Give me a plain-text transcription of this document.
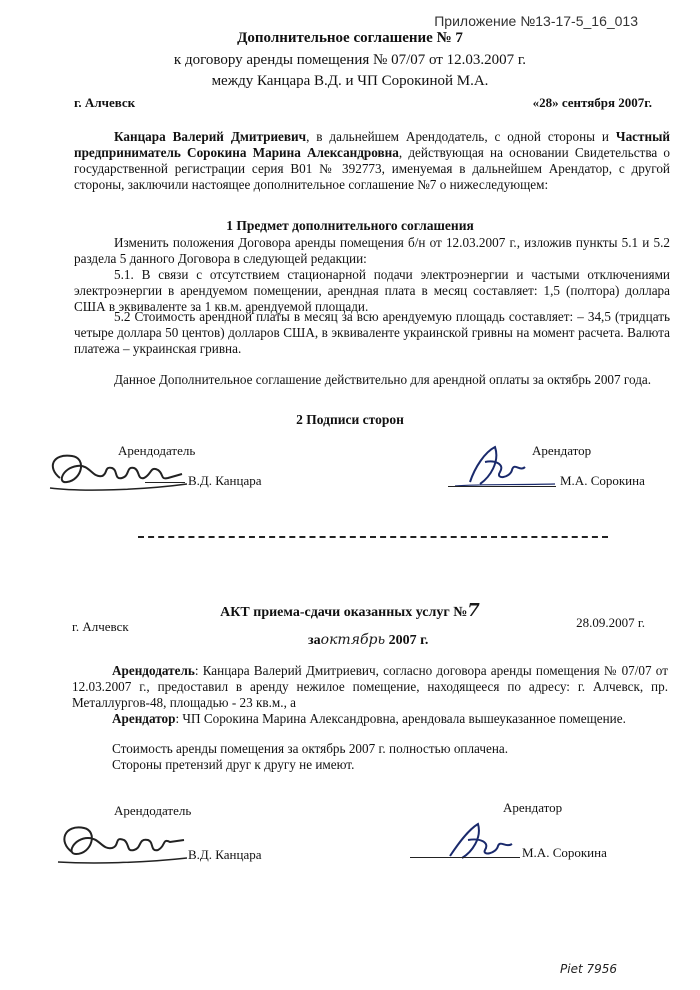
Приложение №13-17-5_16_013
Дополнительное соглашение № 7
к договору аренды помещения № 07/07 от 12.03.2007 г.
между Канцара В.Д. и ЧП Сорокиной М.А.
г. Алчевск	«28» сентября 2007г.
Канцара Валерий Дмитриевич, в дальнейшем Арендодатель, с одной стороны и Частный предприниматель Сорокина Марина Александровна, действующая на основании Свидетельства о государственной регистрации серия В01 № 392773, именуемая в дальнейшем Арендатор, с другой стороны, заключили настоящее дополнительное соглашение №7 о нижеследующем:
1 Предмет дополнительного соглашения
Изменить положения Договора аренды помещения б/н от 12.03.2007 г., изложив пункты 5.1 и 5.2 раздела 5 данного Договора в следующей редакции:
5.1. В связи с отсутствием стационарной подачи электроэнергии и частыми отключениями электроэнергии в арендуемом помещении, арендная плата в месяц составляет: 1,5 (полтора) доллара США в эквиваленте за 1 кв.м. арендуемой площади.
5.2 Стоимость арендной платы в месяц за всю арендуемую площадь составляет: – 34,5 (тридцать четыре доллара 50 центов) долларов США, в эквиваленте украинской гривны на момент расчета. Валюта платежа – украинская гривна.
Данное Дополнительное соглашение действительно для арендной оплаты за октябрь 2007 года.
2 Подписи сторон
Арендодатель	Арендатор
В.Д. Канцара	М.А. Сорокина
АКТ приема-сдачи оказанных услуг №7
г. Алчевск	28.09.2007 г.
заоктябрь 2007 г.
Арендодатель: Канцара Валерий Дмитриевич, согласно договора аренды помещения № 07/07 от 12.03.2007 г., предоставил в аренду нежилое помещение, находящееся по адресу: г. Алчевск, пр. Металлургов-48, площадью - 23 кв.м., а
Арендатор: ЧП Сорокина Марина Александровна, арендовала вышеуказанное помещение.
Стоимость аренды помещения за октябрь 2007 г. полностью оплачена.
Стороны претензий друг к другу не имеют.
Арендодатель	Арендатор
В.Д. Канцара	М.А. Сорокина
Piet 7956
